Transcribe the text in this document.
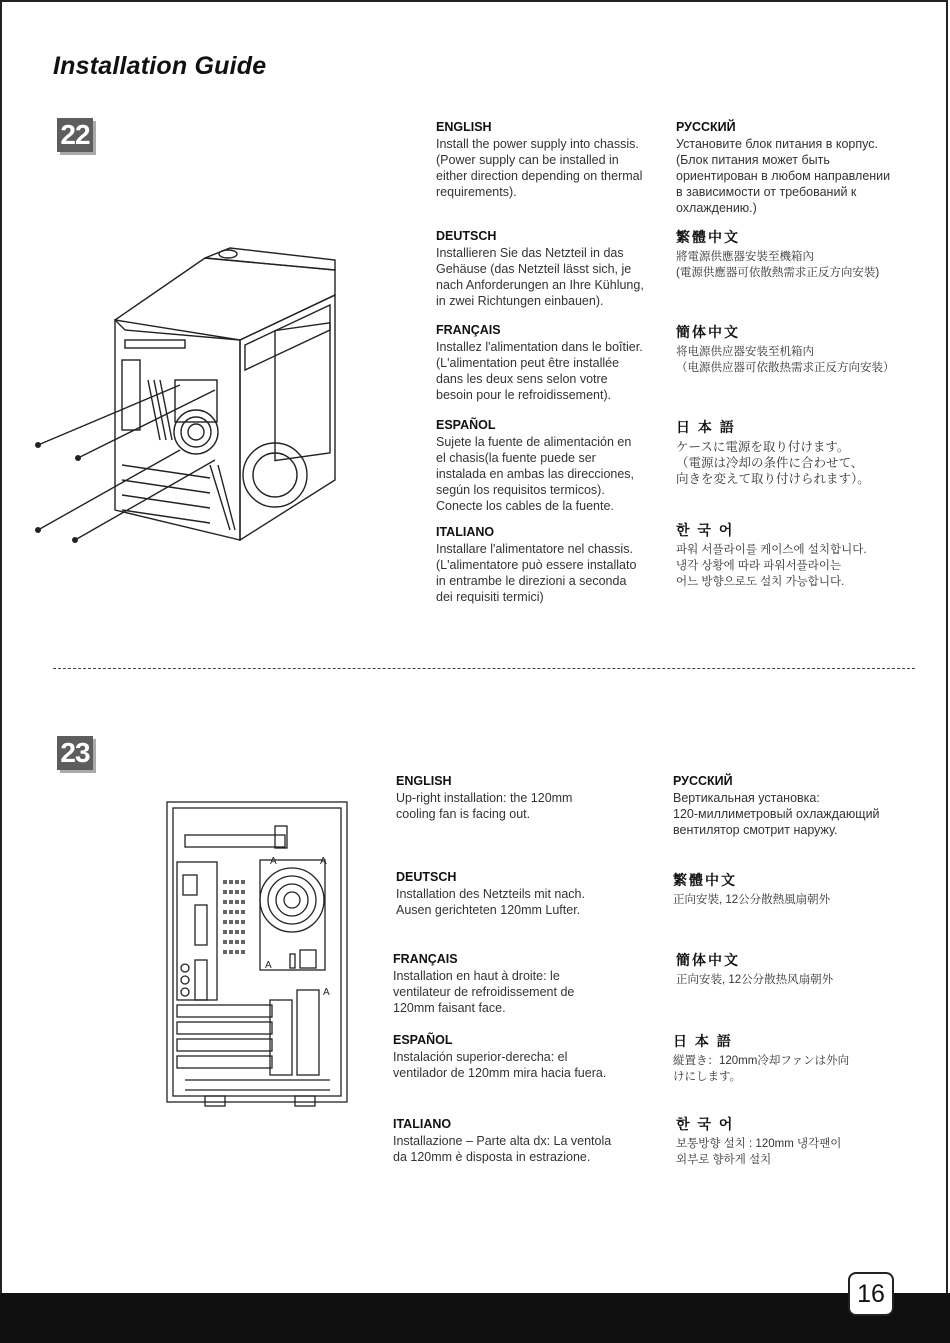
Installation Guide
22	ENGLISH

Install the power supply into chassis.
(Power supply can be installed in
either direction depending on thermal
requirements).

РУССКИЙ

Установите блок питания в корпус.
(Блок питания может быть
ориентирован в любом направлении
в зависимости от требований к
охлаждению.)

DEUTSCH

Installieren Sie das Netzteil in das
Gehäuse (das Netzteil lässt sich, je
nach Anforderungen an Ihre Kühlung,
in zwei Richtungen einbauen).

繁體中文

將電源供應器安裝至機箱內
(電源供應器可依散熱需求正反方向安裝)

FRANÇAIS

Installez l'alimentation dans le boîtier.
(L'alimentation peut être installée
dans les deux sens selon votre
besoin pour le refroidissement).

簡体中文

将电源供应器安装至机箱内
（电源供应器可依散热需求正反方向安装）

ESPAÑOL

Sujete la fuente de alimentación en
el chasis(la fuente puede ser
instalada en ambas las direcciones,
según los requisitos termicos).
Conecte los cables de la fuente.

日 本 語

ケースに電源を取り付けます。
（電源は冷却の条件に合わせて、
向きを変えて取り付けられます）。

ITALIANO

Installare l'alimentatore nel chassis.
(L'alimentatore può essere installato
in entrambe le direzioni a seconda
dei requisiti termici)

한 국 어

파워 서플라이를 케이스에 설치합니다.
냉각 상황에 따라 파워서플라이는
어느 방향으로도 설치 가능합니다.

23
A	A
A
A
ENGLISH

Up-right installation: the 120mm
cooling fan is facing out.

РУССКИЙ

Вертикальная установка:
120-миллиметровый охлаждающий
вентилятор смотрит наружу.

DEUTSCH

Installation des Netzteils mit nach.
Ausen gerichteten 120mm Lufter.

繁體中文

正向安裝, 12公分散熱風扇朝外

FRANÇAIS

Installation en haut à droite: le
ventilateur de refroidissement de
120mm faisant face.

簡体中文

正向安装, 12公分散热风扇朝外

ESPAÑOL

Instalación superior-derecha: el
ventilador de 120mm mira hacia fuera.

日 本 語

縦置き：120mm冷却ファンは外向
けにします。

ITALIANO

Installazione – Parte alta dx: La ventola
da 120mm è disposta in estrazione.

한 국 어

보통방향 설치 : 120mm 냉각팬이
외부로 향하게 설치

16
